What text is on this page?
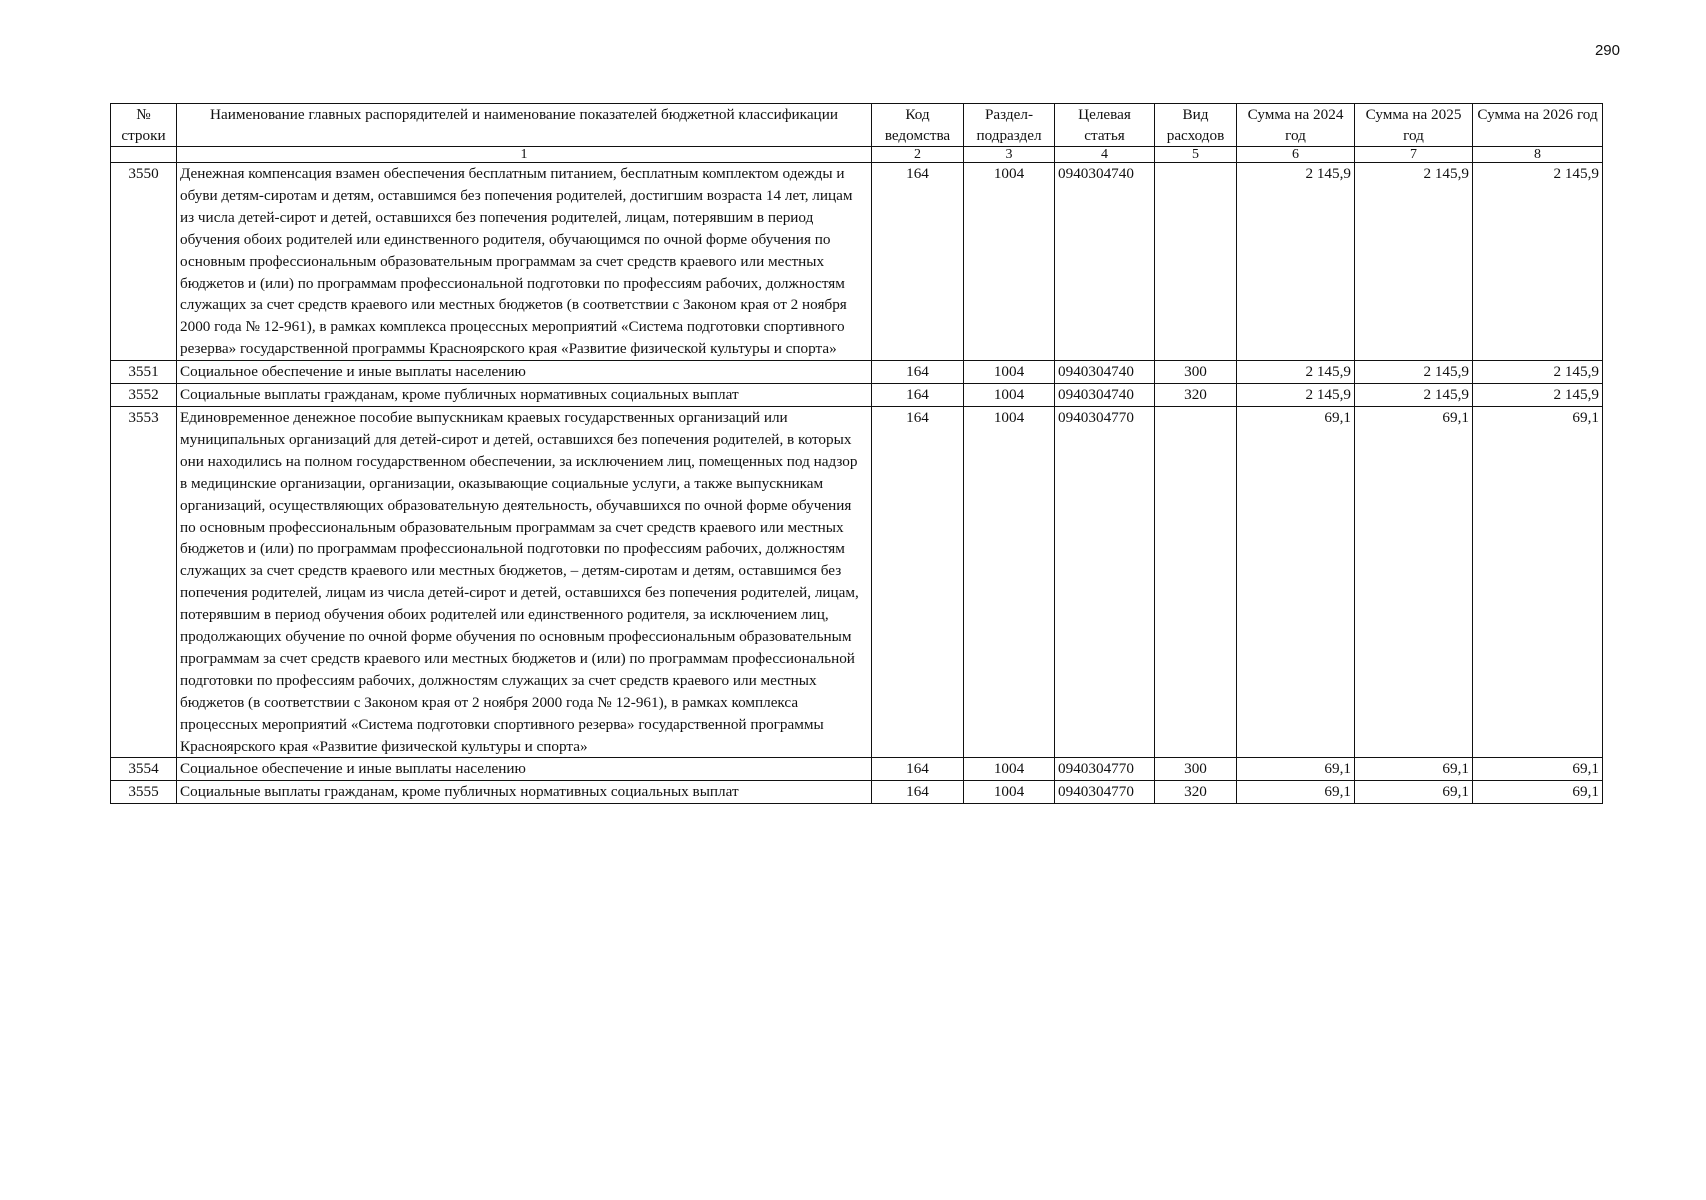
290
№ строки	Наименование главных распорядителей и наименование показателей бюджетной классификации	Код ведомства	Раздел-подраздел	Целевая статья	Вид расходов	Сумма на 2024 год	Сумма на 2025 год	Сумма на 2026 год
	1	2	3	4	5	6	7	8
3550	Денежная компенсация взамен обеспечения бесплатным питанием, бесплатным комплектом одежды и обуви детям-сиротам и детям, оставшимся без попечения родителей, достигшим возраста 14 лет, лицам из числа детей-сирот и детей, оставшихся без попечения родителей, лицам, потерявшим в период обучения обоих родителей или единственного родителя, обучающимся по очной форме обучения по основным профессиональным образовательным программам за счет средств краевого или местных бюджетов и (или) по программам профессиональной подготовки по профессиям рабочих, должностям служащих за счет средств краевого или местных бюджетов (в соответствии с Законом края от 2 ноября 2000 года № 12-961), в рамках комплекса процессных мероприятий «Система подготовки спортивного резерва» государственной программы Красноярского края «Развитие физической культуры и спорта»	164	1004	0940304740		2 145,9	2 145,9	2 145,9
3551	Социальное обеспечение и иные выплаты населению	164	1004	0940304740	300	2 145,9	2 145,9	2 145,9
3552	Социальные выплаты гражданам, кроме публичных нормативных социальных выплат	164	1004	0940304740	320	2 145,9	2 145,9	2 145,9
3553	Единовременное денежное пособие выпускникам краевых государственных организаций или муниципальных организаций для детей-сирот и детей, оставшихся без попечения родителей, в которых они находились на полном государственном обеспечении, за исключением лиц, помещенных под надзор в медицинские организации, организации, оказывающие социальные услуги, а также выпускникам организаций, осуществляющих образовательную деятельность, обучавшихся по очной форме обучения по основным профессиональным образовательным программам за счет средств краевого или местных бюджетов и (или) по программам профессиональной подготовки по профессиям рабочих, должностям служащих за счет средств краевого или местных бюджетов, – детям-сиротам и детям, оставшимся без попечения родителей, лицам из числа детей-сирот и детей, оставшихся без попечения родителей, лицам, потерявшим в период обучения обоих родителей или единственного родителя, за исключением лиц, продолжающих обучение по очной форме обучения по основным профессиональным образовательным программам за счет средств краевого или местных бюджетов и (или) по программам профессиональной подготовки по профессиям рабочих, должностям служащих за счет средств краевого или местных бюджетов (в соответствии с Законом края от 2 ноября 2000 года № 12-961), в рамках комплекса процессных мероприятий «Система подготовки спортивного резерва» государственной программы Красноярского края «Развитие физической культуры и спорта»	164	1004	0940304770		69,1	69,1	69,1
3554	Социальное обеспечение и иные выплаты населению	164	1004	0940304770	300	69,1	69,1	69,1
3555	Социальные выплаты гражданам, кроме публичных нормативных социальных выплат	164	1004	0940304770	320	69,1	69,1	69,1
